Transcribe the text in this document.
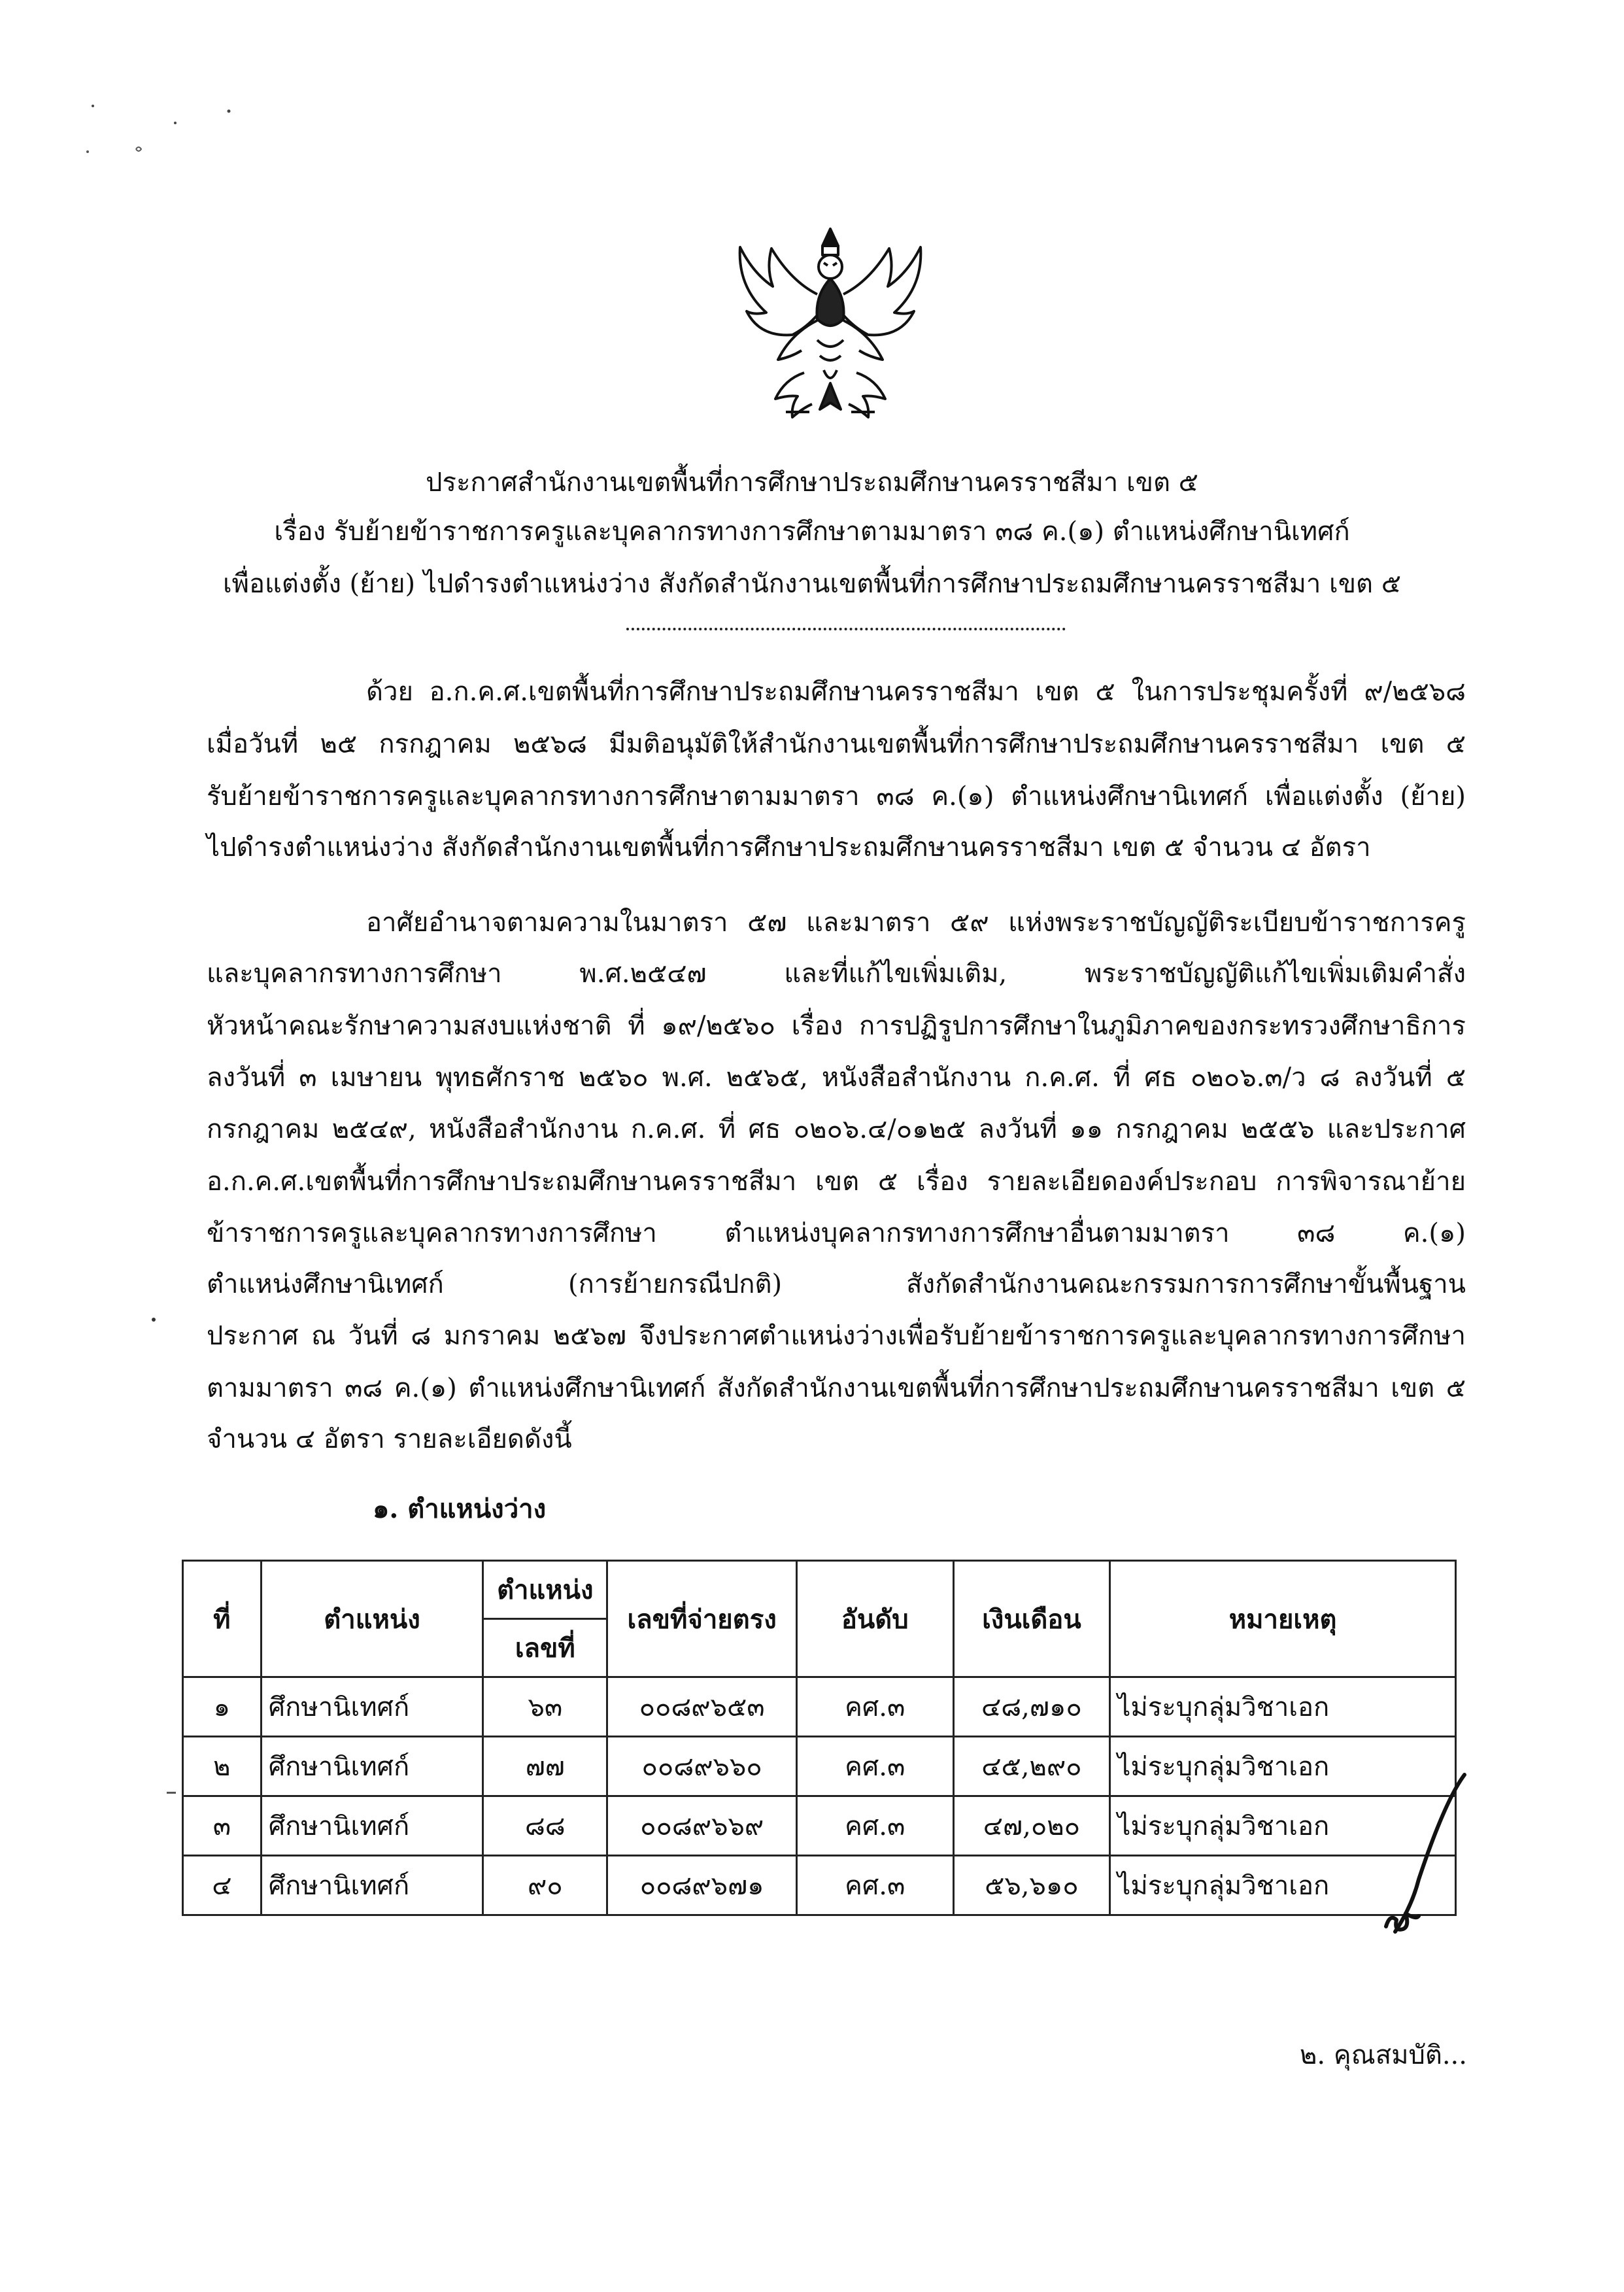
ประกาศสำนักงานเขตพื้นที่การศึกษาประถมศึกษานครราชสีมา เขต ๕
เรื่อง รับย้ายข้าราชการครูและบุคลากรทางการศึกษาตามมาตรา ๓๘ ค.(๑) ตำแหน่งศึกษานิเทศก์
เพื่อแต่งตั้ง (ย้าย) ไปดำรงตำแหน่งว่าง สังกัดสำนักงานเขตพื้นที่การศึกษาประถมศึกษานครราชสีมา เขต ๕
ด้วย อ.ก.ค.ศ.เขตพื้นที่การศึกษาประถมศึกษานครราชสีมา เขต ๕ ในการประชุมครั้งที่ ๙/๒๕๖๘
เมื่อวันที่ ๒๕ กรกฎาคม ๒๕๖๘ มีมติอนุมัติให้สำนักงานเขตพื้นที่การศึกษาประถมศึกษานครราชสีมา เขต ๕
รับย้ายข้าราชการครูและบุคลากรทางการศึกษาตามมาตรา ๓๘ ค.(๑) ตำแหน่งศึกษานิเทศก์ เพื่อแต่งตั้ง (ย้าย)
ไปดำรงตำแหน่งว่าง สังกัดสำนักงานเขตพื้นที่การศึกษาประถมศึกษานครราชสีมา เขต ๕ จำนวน ๔ อัตรา
อาศัยอำนาจตามความในมาตรา ๕๗ และมาตรา ๕๙ แห่งพระราชบัญญัติระเบียบข้าราชการครู
และบุคลากรทางการศึกษา พ.ศ.๒๕๔๗ และที่แก้ไขเพิ่มเติม, พระราชบัญญัติแก้ไขเพิ่มเติมคำสั่ง
หัวหน้าคณะรักษาความสงบแห่งชาติ ที่ ๑๙/๒๕๖๐ เรื่อง การปฏิรูปการศึกษาในภูมิภาคของกระทรวงศึกษาธิการ
ลงวันที่ ๓ เมษายน พุทธศักราช ๒๕๖๐ พ.ศ. ๒๕๖๕, หนังสือสำนักงาน ก.ค.ศ. ที่ ศธ ๐๒๐๖.๓/ว ๘ ลงวันที่ ๕
กรกฎาคม ๒๕๔๙, หนังสือสำนักงาน ก.ค.ศ. ที่ ศธ ๐๒๐๖.๔/๐๑๒๕ ลงวันที่ ๑๑ กรกฎาคม ๒๕๕๖ และประกาศ
อ.ก.ค.ศ.เขตพื้นที่การศึกษาประถมศึกษานครราชสีมา เขต ๕ เรื่อง รายละเอียดองค์ประกอบ การพิจารณาย้าย
ข้าราชการครูและบุคลากรทางการศึกษา ตำแหน่งบุคลากรทางการศึกษาอื่นตามมาตรา ๓๘ ค.(๑)
ตำแหน่งศึกษานิเทศก์ (การย้ายกรณีปกติ) สังกัดสำนักงานคณะกรรมการการศึกษาขั้นพื้นฐาน
ประกาศ ณ วันที่ ๘ มกราคม ๒๕๖๗ จึงประกาศตำแหน่งว่างเพื่อรับย้ายข้าราชการครูและบุคลากรทางการศึกษา
ตามมาตรา ๓๘ ค.(๑) ตำแหน่งศึกษานิเทศก์ สังกัดสำนักงานเขตพื้นที่การศึกษาประถมศึกษานครราชสีมา เขต ๕
จำนวน ๔ อัตรา รายละเอียดดังนี้
๑. ตำแหน่งว่าง
ที่	ตำแหน่ง	ตำแหน่ง	เลขที่จ่ายตรง	อันดับ	เงินเดือน	หมายเหตุ
		เลขที่				
๑	ศึกษานิเทศก์	๖๓	๐๐๘๙๖๕๓	คศ.๓	๔๘,๗๑๐	ไม่ระบุกลุ่มวิชาเอก
๒	ศึกษานิเทศก์	๗๗	๐๐๘๙๖๖๐	คศ.๓	๔๕,๒๙๐	ไม่ระบุกลุ่มวิชาเอก
๓	ศึกษานิเทศก์	๘๘	๐๐๘๙๖๖๙	คศ.๓	๔๗,๐๒๐	ไม่ระบุกลุ่มวิชาเอก
๔	ศึกษานิเทศก์	๙๐	๐๐๘๙๖๗๑	คศ.๓	๕๖,๖๑๐	ไม่ระบุกลุ่มวิชาเอก
๒. คุณสมบัติ...
